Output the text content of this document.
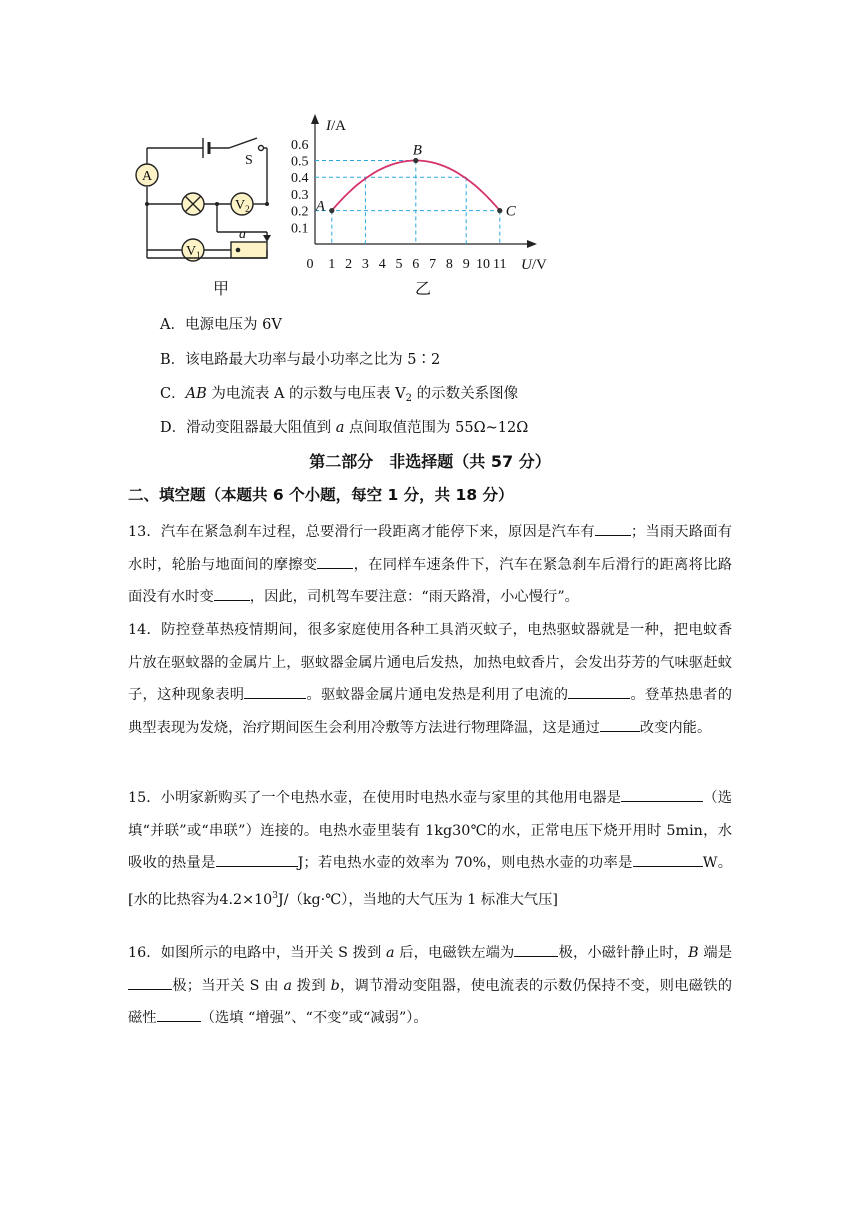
A
$V_2$
$V_1$
S
a
A
B
C
0.6
0.5
0.4
0.3
0.2
0.1
0 1 2 3 4 5 6 7 8 9 10 11
I/A
U/V
甲	乙
A．电源电压为 6V
B．该电路最大功率与最小功率之比为 5∶2
C．AB 为电流表 A 的示数与电压表 $V_2$ 的示数关系图像
D．滑动变阻器最大阻值到 a 点间取值范围为 55Ω~12Ω
第二部分 非选择题（共 57 分）
二、填空题（本题共 6 个小题，每空 1 分，共 18 分）

13．汽车在紧急刹车过程，总要滑行一段距离才能停下来，原因是汽车有	；当雨天路面有水时，轮胎与地面间的摩擦变	，在同样车速条件下，汽车在紧急刹车后滑行的距离将比路面没有水时变	，因此，司机驾车要注意：“雨天路滑，小心慢行”。

14．防控登革热疫情期间，很多家庭使用各种工具消灭蚊子，电热驱蚊器就是一种，把电蚊香片放在驱蚊器的金属片上，驱蚊器金属片通电后发热，加热电蚊香片，会发出芬芳的气味驱赶蚊子，这种现象表明	。驱蚊器金属片通电发热是利用了电流的	。登革热患者的典型表现为发烧，治疗期间医生会利用冷敷等方法进行物理降温，这是通过	改变内能。

15．小明家新购买了一个电热水壶，在使用时电热水壶与家里的其他用电器是	（选填“并联”或“串联”）连接的。电热水壶里装有 1kg30℃的水，正常电压下烧开用时 5min，水吸收的热量是	J；若电热水壶的效率为 70%，则电热水壶的功率是	W。[水的比热容为$4.2\times 10^3J/(kg\cdot℃)$，当地的大气压为 1 标准大气压]

16．如图所示的电路中，当开关 S 拨到 a 后，电磁铁左端为	极，小磁针静止时，B 端是极；当开关 S 由 a 拨到 b，调节滑动变阻器，使电流表的示数仍保持不变，则电磁铁的磁性	（选填 “增强”、“不变”或“减弱”）。
